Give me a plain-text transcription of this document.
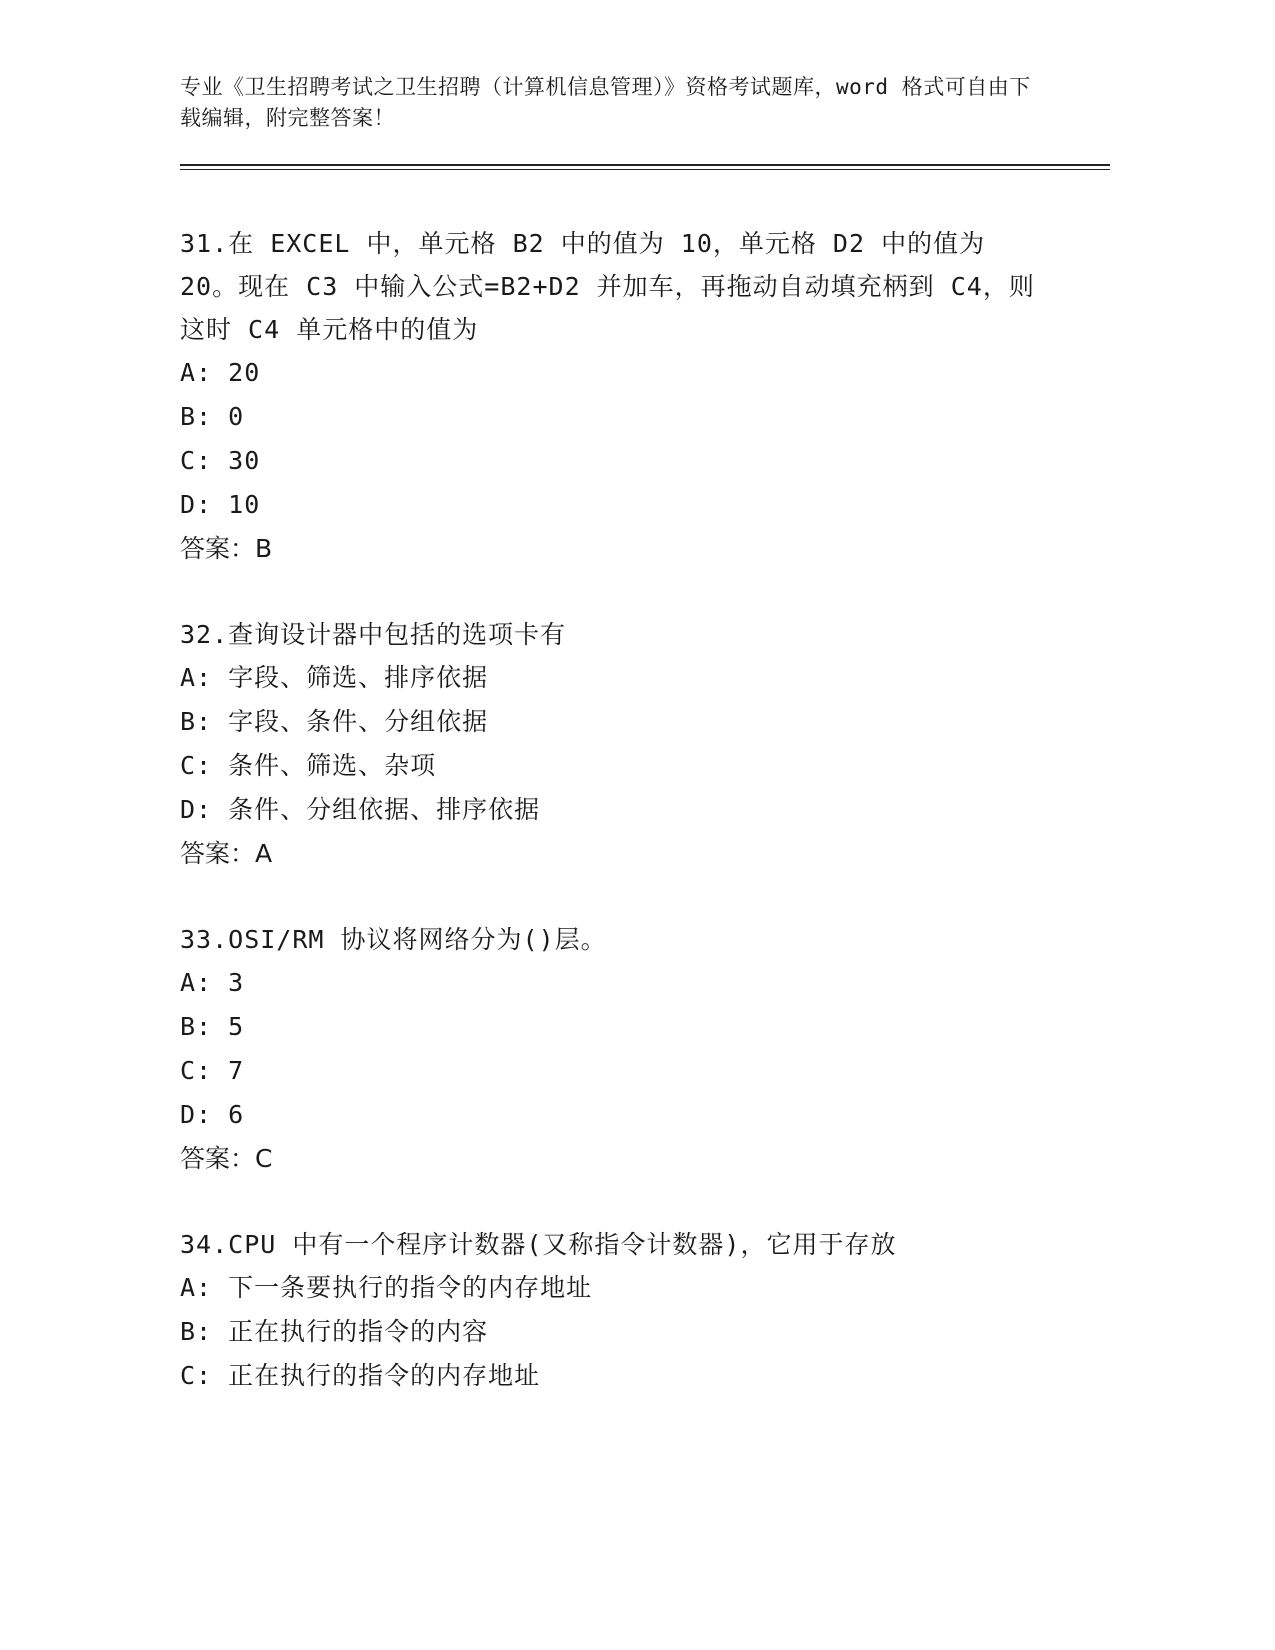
专业《卫生招聘考试之卫生招聘（计算机信息管理）》资格考试题库，word 格式可自由下载编辑，附完整答案！
31.在 EXCEL 中，单元格 B2 中的值为 10，单元格 D2 中的值为 20。现在 C3 中输入公式=B2+D2 并加车，再拖动自动填充柄到 C4，则这时 C4 单元格中的值为
A: 20
B: 0
C: 30
D: 10
答案：B
32.查询设计器中包括的选项卡有
A: 字段、筛选、排序依据
B: 字段、条件、分组依据
C: 条件、筛选、杂项
D: 条件、分组依据、排序依据
答案：A
33.OSI/RM 协议将网络分为()层。
A: 3
B: 5
C: 7
D: 6
答案：C
34.CPU 中有一个程序计数器(又称指令计数器)，它用于存放
A: 下一条要执行的指令的内存地址
B: 正在执行的指令的内容
C: 正在执行的指令的内存地址
